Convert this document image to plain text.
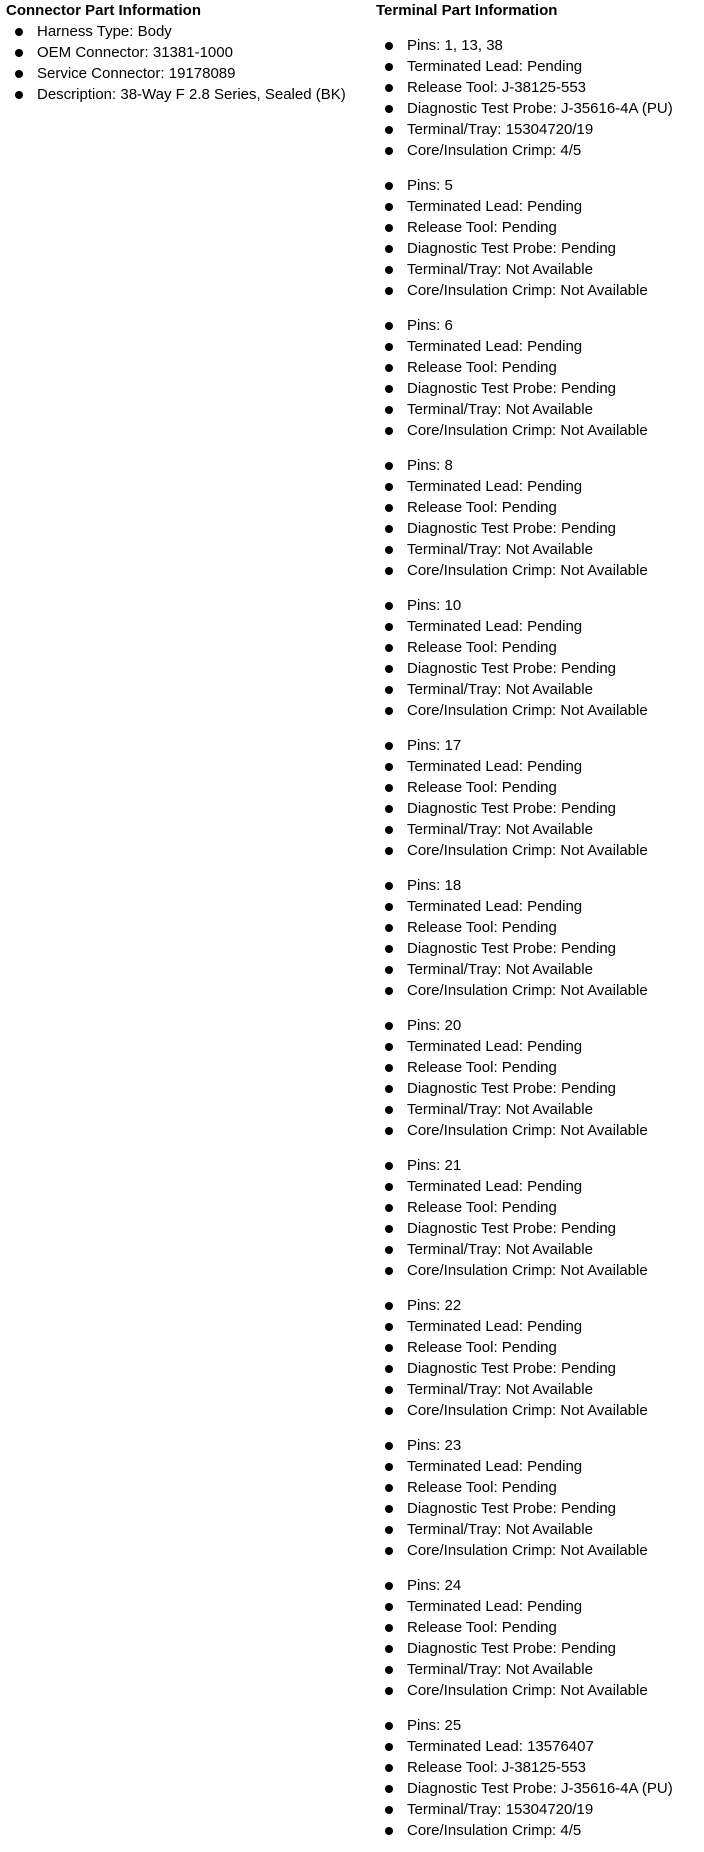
Connector Part Information
Harness Type: Body
OEM Connector: 31381-1000
Service Connector: 19178089
Description: 38-Way F 2.8 Series, Sealed (BK)
Terminal Part Information
Pins: 1, 13, 38
Terminated Lead: Pending
Release Tool: J-38125-553
Diagnostic Test Probe: J-35616-4A (PU)
Terminal/Tray: 15304720/19
Core/Insulation Crimp: 4/5
Pins: 5
Terminated Lead: Pending
Release Tool: Pending
Diagnostic Test Probe: Pending
Terminal/Tray: Not Available
Core/Insulation Crimp: Not Available
Pins: 6
Terminated Lead: Pending
Release Tool: Pending
Diagnostic Test Probe: Pending
Terminal/Tray: Not Available
Core/Insulation Crimp: Not Available
Pins: 8
Terminated Lead: Pending
Release Tool: Pending
Diagnostic Test Probe: Pending
Terminal/Tray: Not Available
Core/Insulation Crimp: Not Available
Pins: 10
Terminated Lead: Pending
Release Tool: Pending
Diagnostic Test Probe: Pending
Terminal/Tray: Not Available
Core/Insulation Crimp: Not Available
Pins: 17
Terminated Lead: Pending
Release Tool: Pending
Diagnostic Test Probe: Pending
Terminal/Tray: Not Available
Core/Insulation Crimp: Not Available
Pins: 18
Terminated Lead: Pending
Release Tool: Pending
Diagnostic Test Probe: Pending
Terminal/Tray: Not Available
Core/Insulation Crimp: Not Available
Pins: 20
Terminated Lead: Pending
Release Tool: Pending
Diagnostic Test Probe: Pending
Terminal/Tray: Not Available
Core/Insulation Crimp: Not Available
Pins: 21
Terminated Lead: Pending
Release Tool: Pending
Diagnostic Test Probe: Pending
Terminal/Tray: Not Available
Core/Insulation Crimp: Not Available
Pins: 22
Terminated Lead: Pending
Release Tool: Pending
Diagnostic Test Probe: Pending
Terminal/Tray: Not Available
Core/Insulation Crimp: Not Available
Pins: 23
Terminated Lead: Pending
Release Tool: Pending
Diagnostic Test Probe: Pending
Terminal/Tray: Not Available
Core/Insulation Crimp: Not Available
Pins: 24
Terminated Lead: Pending
Release Tool: Pending
Diagnostic Test Probe: Pending
Terminal/Tray: Not Available
Core/Insulation Crimp: Not Available
Pins: 25
Terminated Lead: 13576407
Release Tool: J-38125-553
Diagnostic Test Probe: J-35616-4A (PU)
Terminal/Tray: 15304720/19
Core/Insulation Crimp: 4/5
